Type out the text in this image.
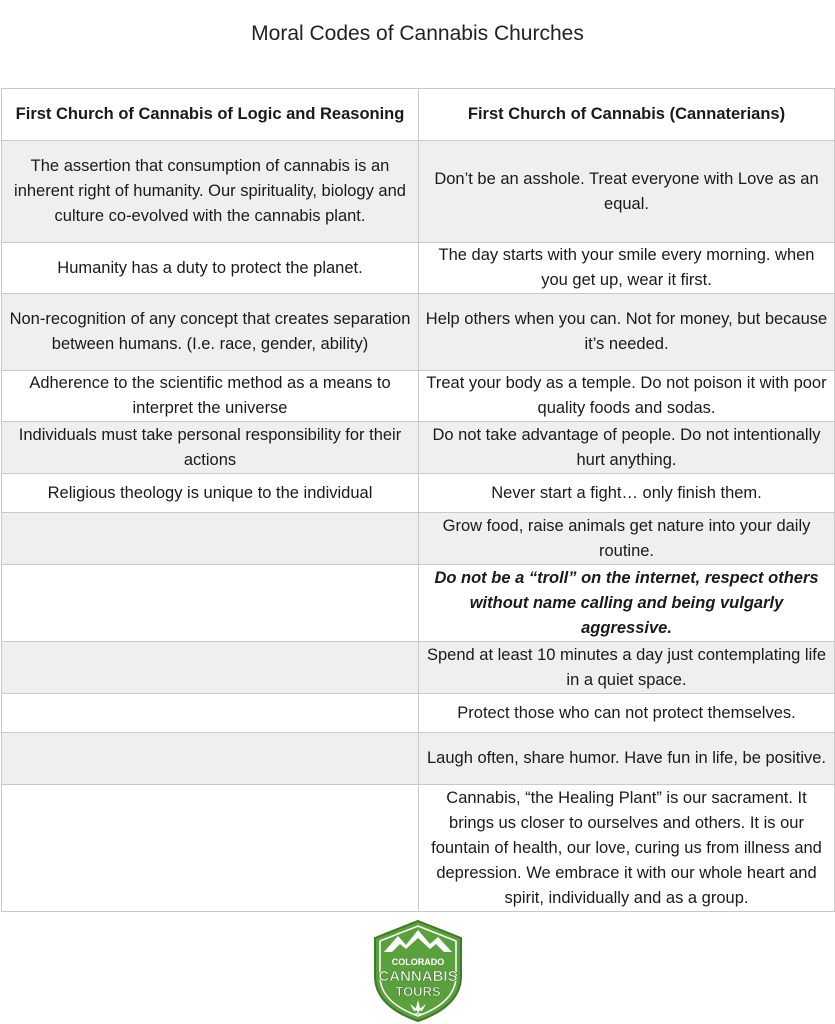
Moral Codes of Cannabis Churches
First Church of Cannabis of Logic and Reasoning	First Church of Cannabis (Cannaterians)
The assertion that consumption of cannabis is an inherent right of humanity. Our spirituality, biology and culture co-evolved with the cannabis plant.	Don’t be an asshole. Treat everyone with Love as an equal.
Humanity has a duty to protect the planet.	The day starts with your smile every morning. when you get up, wear it first.
Non-recognition of any concept that creates separation between humans. (I.e. race, gender, ability)	Help others when you can. Not for money, but because it’s needed.
Adherence to the scientific method as a means to interpret the universe	Treat your body as a temple. Do not poison it with poor quality foods and sodas.
Individuals must take personal responsibility for their actions	Do not take advantage of people. Do not intentionally hurt anything.
Religious theology is unique to the individual	Never start a fight… only finish them.
	Grow food, raise animals get nature into your daily routine.
	Do not be a “troll” on the internet, respect others without name calling and being vulgarly aggressive.
	Spend at least 10 minutes a day just contemplating life in a quiet space.
	Protect those who can not protect themselves.
	Laugh often, share humor. Have fun in life, be positive.
	Cannabis, “the Healing Plant” is our sacrament. It brings us closer to ourselves and others. It is our fountain of health, our love, curing us from illness and depression. We embrace it with our whole heart and spirit, individually and as a group.
COLORADO
CANNABIS
TOURS
